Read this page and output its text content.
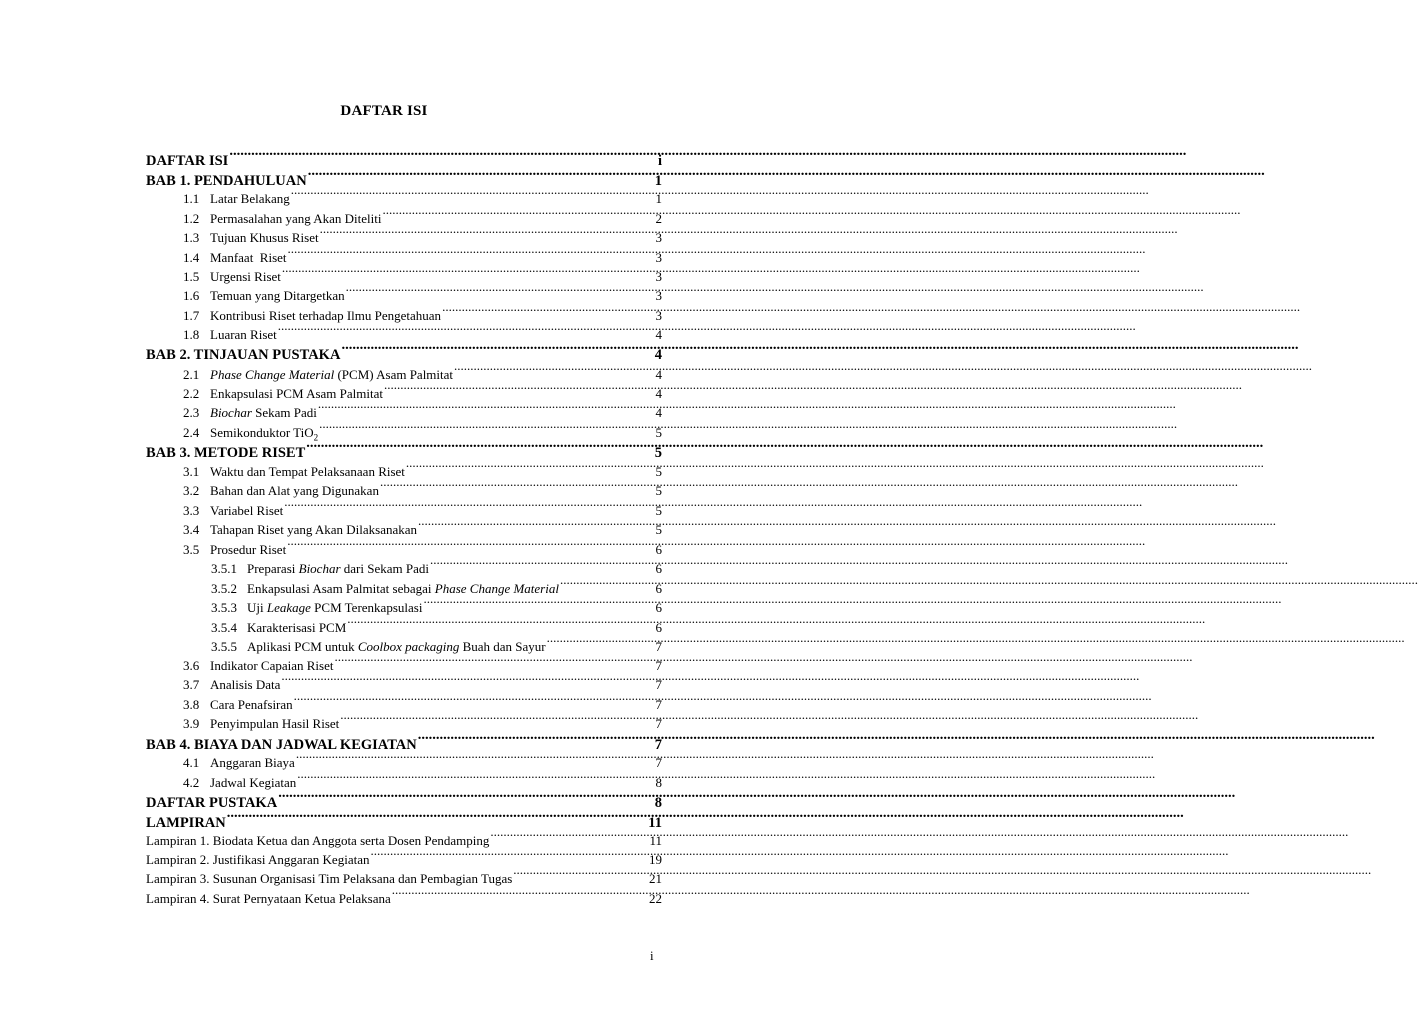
DAFTAR ISI
DAFTAR ISI .....	i
BAB 1. PENDAHULUAN .....	1
1.1 Latar Belakang .....	1
1.2 Permasalahan yang Akan Diteliti .....	2
1.3 Tujuan Khusus Riset .....	3
1.4 Manfaat  Riset .....	3
1.5 Urgensi Riset .....	3
1.6 Temuan yang Ditargetkan .....	3
1.7 Kontribusi Riset terhadap Ilmu Pengetahuan .....	3
1.8 Luaran Riset .....	4
BAB 2. TINJAUAN PUSTAKA .....	4
2.1 Phase Change Material (PCM) Asam Palmitat .....	4
2.2 Enkapsulasi PCM Asam Palmitat .....	4
2.3 Biochar Sekam Padi .....	4
2.4 Semikonduktor TiO$_2$ .....	5
BAB 3. METODE RISET .....	5
3.1 Waktu dan Tempat Pelaksanaan Riset .....	5
3.2 Bahan dan Alat yang Digunakan .....	5
3.3 Variabel Riset .....	5
3.4 Tahapan Riset yang Akan Dilaksanakan .....	5
3.5 Prosedur Riset .....	6
3.5.1 Preparasi Biochar dari Sekam Padi .....	6
3.5.2 Enkapsulasi Asam Palmitat sebagai Phase Change Material .....	6
3.5.3 Uji Leakage PCM Terenkapsulasi .....	6
3.5.4 Karakterisasi PCM .....	6
3.5.5 Aplikasi PCM untuk Coolbox packaging Buah dan Sayur .....	7
3.6 Indikator Capaian Riset .....	7
3.7 Analisis Data .....	7
3.8 Cara Penafsiran .....	7
3.9 Penyimpulan Hasil Riset .....	7
BAB 4. BIAYA DAN JADWAL KEGIATAN .....	7
4.1 Anggaran Biaya .....	7
4.2 Jadwal Kegiatan .....	8
DAFTAR PUSTAKA .....	8
LAMPIRAN .....	11
Lampiran 1. Biodata Ketua dan Anggota serta Dosen Pendamping .....	11
Lampiran 2. Justifikasi Anggaran Kegiatan .....	19
Lampiran 3. Susunan Organisasi Tim Pelaksana dan Pembagian Tugas .....	21
Lampiran 4. Surat Pernyataan Ketua Pelaksana .....	22
i
